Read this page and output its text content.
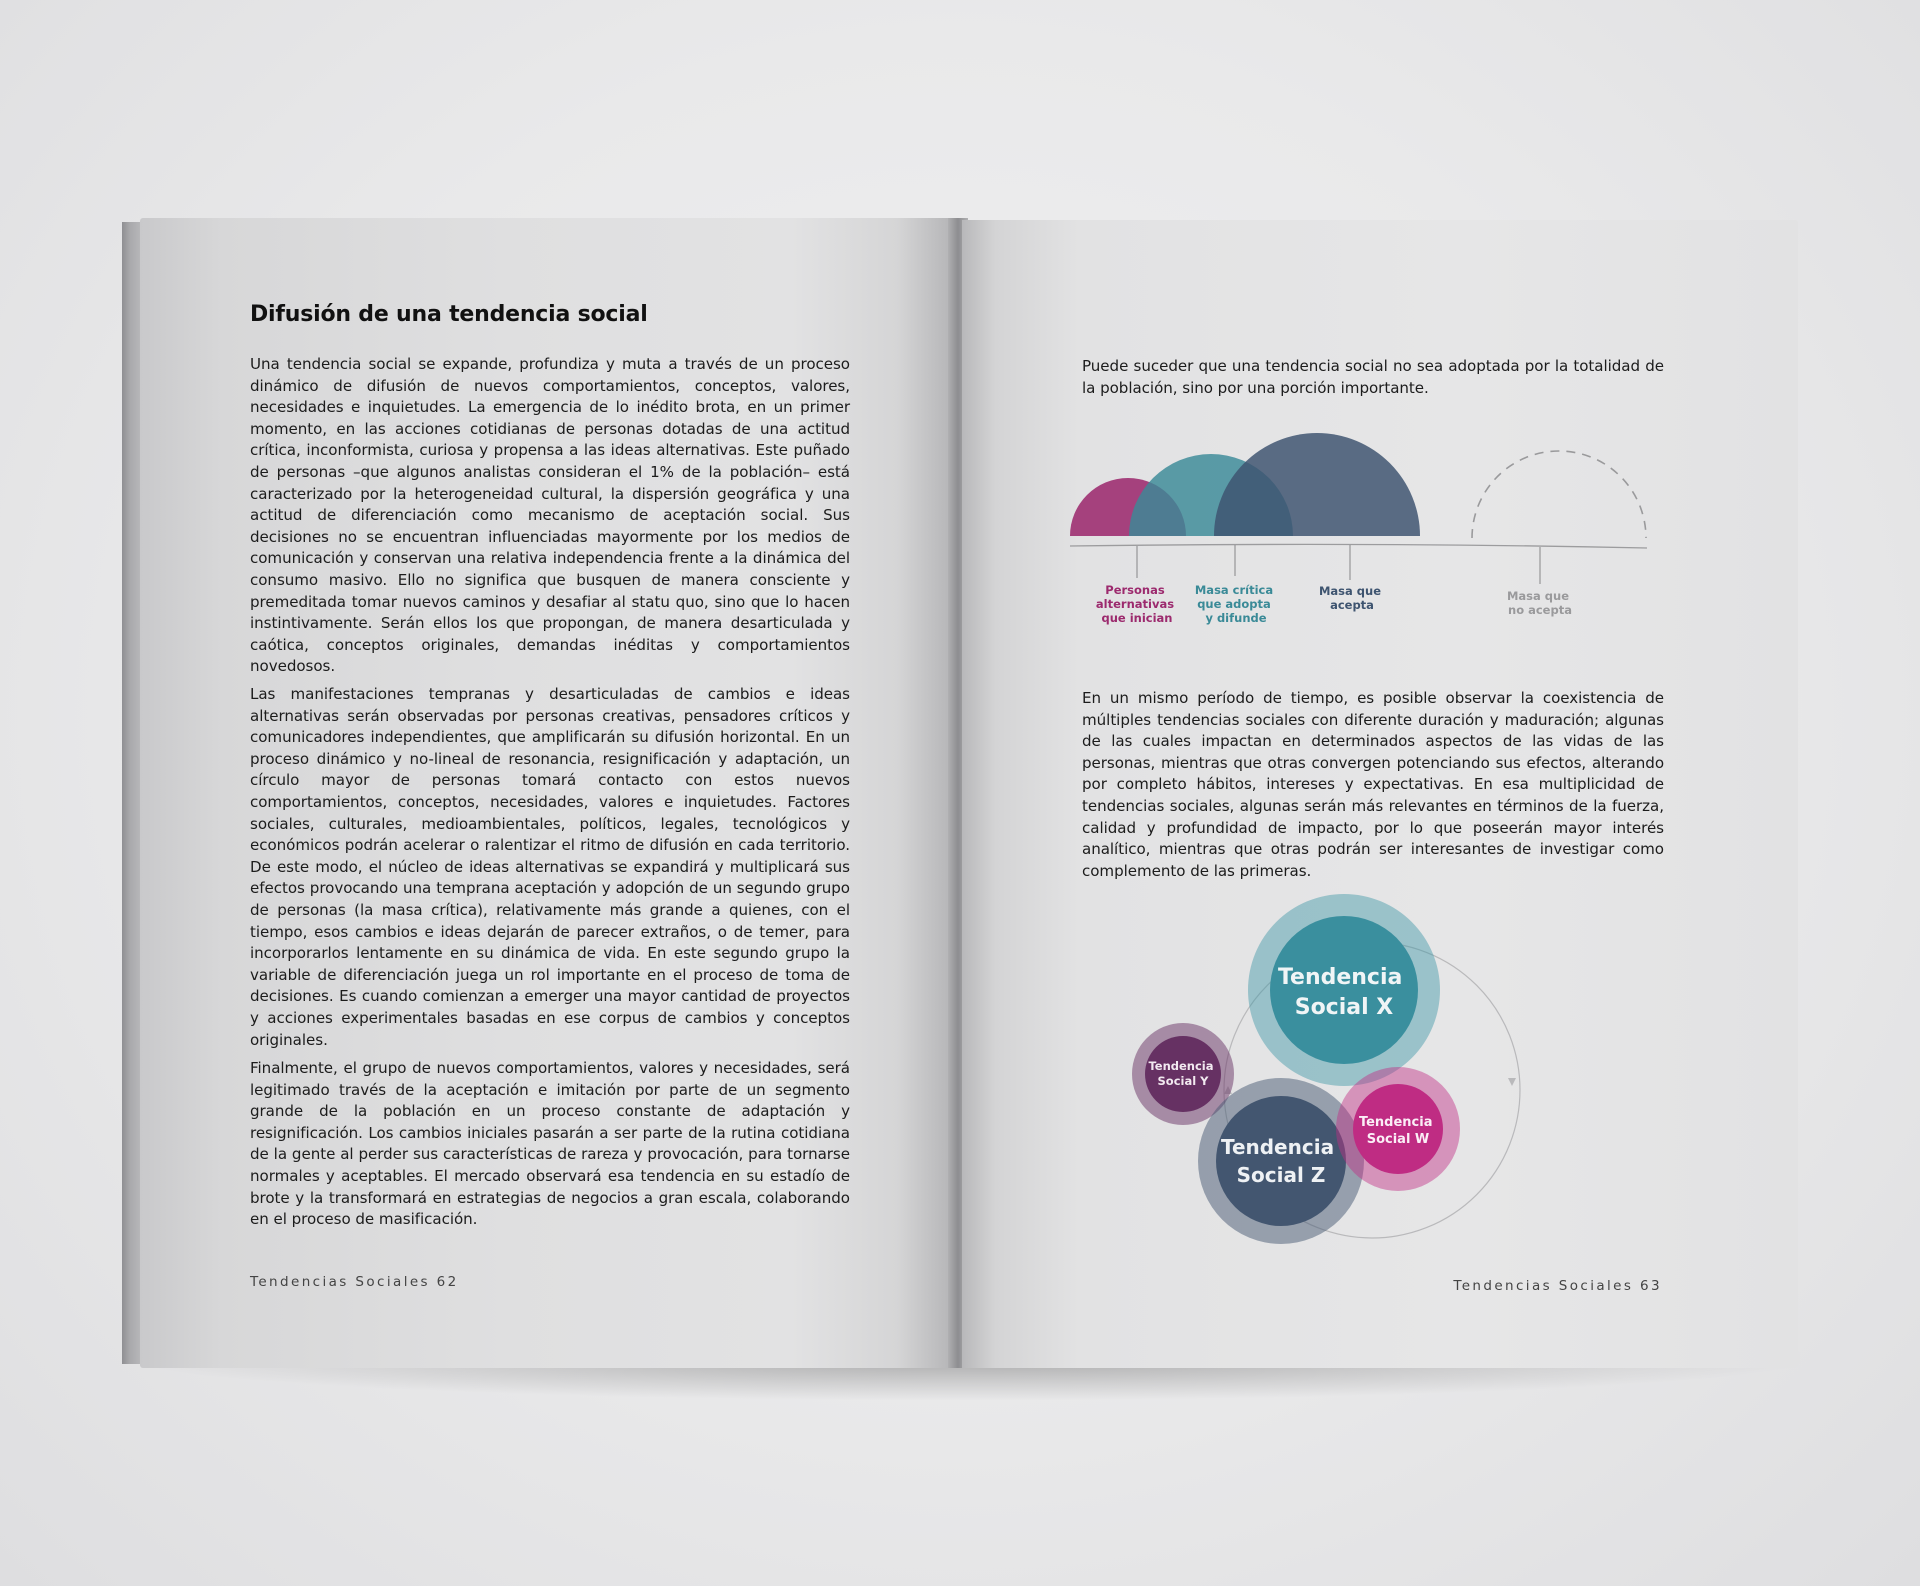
Difusión de una tendencia social

Una tendencia social se expande, profundiza y muta a través de un proceso dinámico de difusión de nuevos comportamientos, conceptos, valores, necesidades e inquietudes. La emergencia de lo inédito brota, en un primer momento, en las acciones cotidianas de personas dotadas de una actitud crítica, inconformista, curiosa y propensa a las ideas alternativas. Este puñado de personas –que algunos analistas consideran el 1% de la población– está caracterizado por la heterogeneidad cultural, la dispersión geográfica y una actitud de diferenciación como mecanismo de aceptación social. Sus decisiones no se encuentran influenciadas mayormente por los medios de comunicación y conservan una relativa independencia frente a la dinámica del consumo masivo. Ello no significa que busquen de manera consciente y premeditada tomar nuevos caminos y desafiar al statu quo, sino que lo hacen instintivamente. Serán ellos los que propongan, de manera desarticulada y caótica, conceptos originales, demandas inéditas y comportamientos novedosos.

Las manifestaciones tempranas y desarticuladas de cambios e ideas alternativas serán observadas por personas creativas, pensadores críticos y comunicadores independientes, que amplificarán su difusión horizontal. En un proceso dinámico y no-lineal de resonancia, resignificación y adaptación, un círculo mayor de personas tomará contacto con estos nuevos comportamientos, conceptos, necesidades, valores e inquietudes. Factores sociales, culturales, medioambientales, políticos, legales, tecnológicos y económicos podrán acelerar o ralentizar el ritmo de difusión en cada territorio. De este modo, el núcleo de ideas alternativas se expandirá y multiplicará sus efectos provocando una temprana aceptación y adopción de un segundo grupo de personas (la masa crítica), relativamente más grande a quienes, con el tiempo, esos cambios e ideas dejarán de parecer extraños, o de temer, para incorporarlos lentamente en su dinámica de vida. En este segundo grupo la variable de diferenciación juega un rol importante en el proceso de toma de decisiones. Es cuando comienzan a emerger una mayor cantidad de proyectos y acciones experimentales basadas en ese corpus de cambios y conceptos originales.

Finalmente, el grupo de nuevos comportamientos, valores y necesidades, será legitimado través de la aceptación e imitación por parte de un segmento grande de la población en un proceso constante de adaptación y resignificación. Los cambios iniciales pasarán a ser parte de la rutina cotidiana de la gente al perder sus características de rareza y provocación, para tornarse normales y aceptables. El mercado observará esa tendencia en su estadío de brote y la transformará en estrategias de negocios a gran escala, colaborando en el proceso de masificación.

Tendencias Sociales 62

Puede suceder que una tendencia social no sea adoptada por la totalidad de la población, sino por una porción importante.

Personas alternativas que inician
Masa crítica que adopta y difunde
Masa que acepta
Masa que no acepta

En un mismo período de tiempo, es posible observar la coexistencia de múltiples tendencias sociales con diferente duración y maduración; algunas de las cuales impactan en determinados aspectos de las vidas de las personas, mientras que otras convergen potenciando sus efectos, alterando por completo hábitos, intereses y expectativas. En esa multiplicidad de tendencias sociales, algunas serán más relevantes en términos de la fuerza, calidad y profundidad de impacto, por lo que poseerán mayor interés analítico, mientras que otras podrán ser interesantes de investigar como complemento de las primeras.

Tendencia Social X
Tendencia Social Y
Tendencia Social Z
Tendencia Social W
Tendencias Sociales 63
